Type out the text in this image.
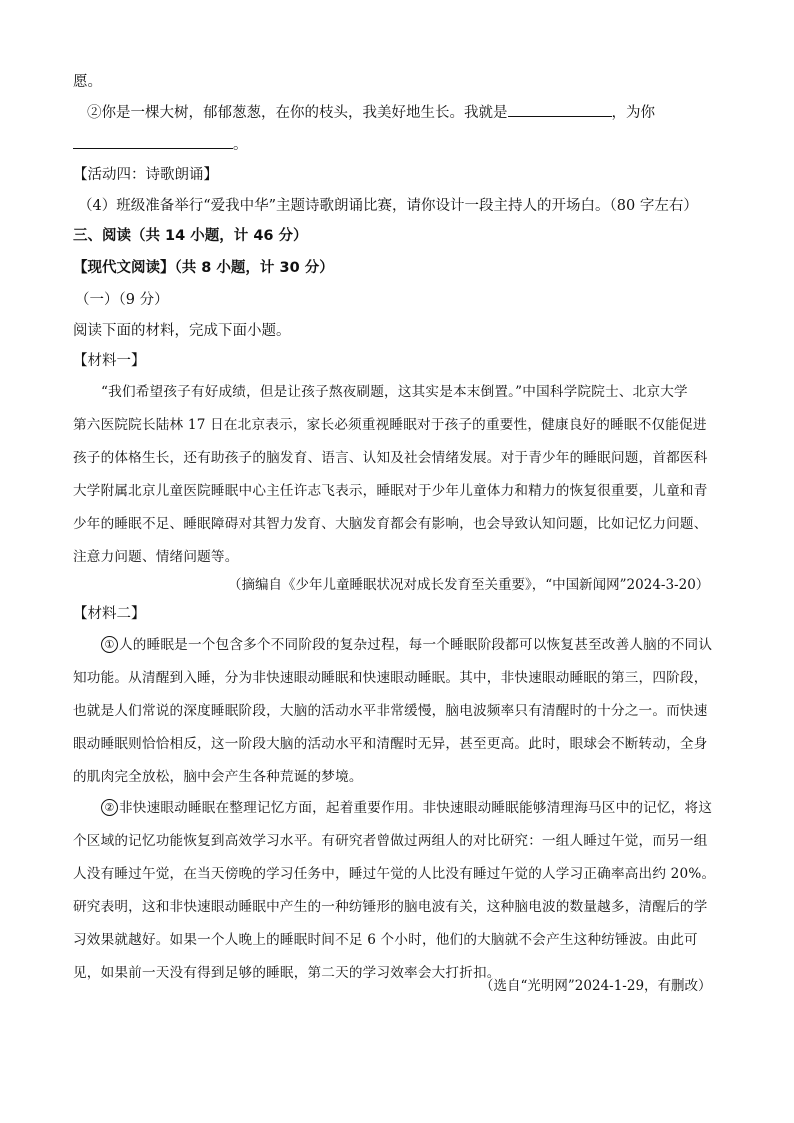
愿。
②你是一棵大树，郁郁葱葱，在你的枝头，我美好地生长。我就是	，为你
。
【活动四：诗歌朗诵】
（4）班级准备举行“爱我中华”主题诗歌朗诵比赛，请你设计一段主持人的开场白。（80 字左右）
三、阅读（共 14 小题，计 46 分）
【现代文阅读】（共 8 小题，计 30 分）
（一）（9 分）
阅读下面的材料，完成下面小题。
【材料一】
“我们希望孩子有好成绩，但是让孩子熬夜刷题，这其实是本末倒置。”中国科学院院士、北京大学
第六医院院长陆林 17 日在北京表示，家长必须重视睡眠对于孩子的重要性，健康良好的睡眠不仅能促进
孩子的体格生长，还有助孩子的脑发育、语言、认知及社会情绪发展。对于青少年的睡眠问题，首都医科
大学附属北京儿童医院睡眠中心主任许志飞表示，睡眠对于少年儿童体力和精力的恢复很重要，儿童和青
少年的睡眠不足、睡眠障碍对其智力发育、大脑发育都会有影响，也会导致认知问题，比如记忆力问题、
注意力问题、情绪问题等。
（摘编自《少年儿童睡眠状况对成长发育至关重要》，“中国新闻网”2024-3-20）
【材料二】
① 人的睡眠是一个包含多个不同阶段的复杂过程，每一个睡眠阶段都可以恢复甚至改善人脑的不同认
知功能。从清醒到入睡，分为非快速眼动睡眠和快速眼动睡眠。其中，非快速眼动睡眠的第三，四阶段，
也就是人们常说的深度睡眠阶段，大脑的活动水平非常缓慢，脑电波频率只有清醒时的十分之一。而快速
眼动睡眠则恰恰相反，这一阶段大脑的活动水平和清醒时无异，甚至更高。此时，眼球会不断转动，全身
的肌肉完全放松，脑中会产生各种荒诞的梦境。
② 非快速眼动睡眠在整理记忆方面，起着重要作用。非快速眼动睡眠能够清理海马区中的记忆，将这
个区域的记忆功能恢复到高效学习水平。有研究者曾做过两组人的对比研究：一组人睡过午觉，而另一组
人没有睡过午觉，在当天傍晚的学习任务中，睡过午觉的人比没有睡过午觉的人学习正确率高出约 20%。
研究表明，这和非快速眼动睡眠中产生的一种纺锤形的脑电波有关，这种脑电波的数量越多，清醒后的学
习效果就越好。如果一个人晚上的睡眠时间不足 6 个小时，他们的大脑就不会产生这种纺锤波。由此可
见，如果前一天没有得到足够的睡眠，第二天的学习效率会大打折扣。
（选自“光明网”2024-1-29，有删改）
